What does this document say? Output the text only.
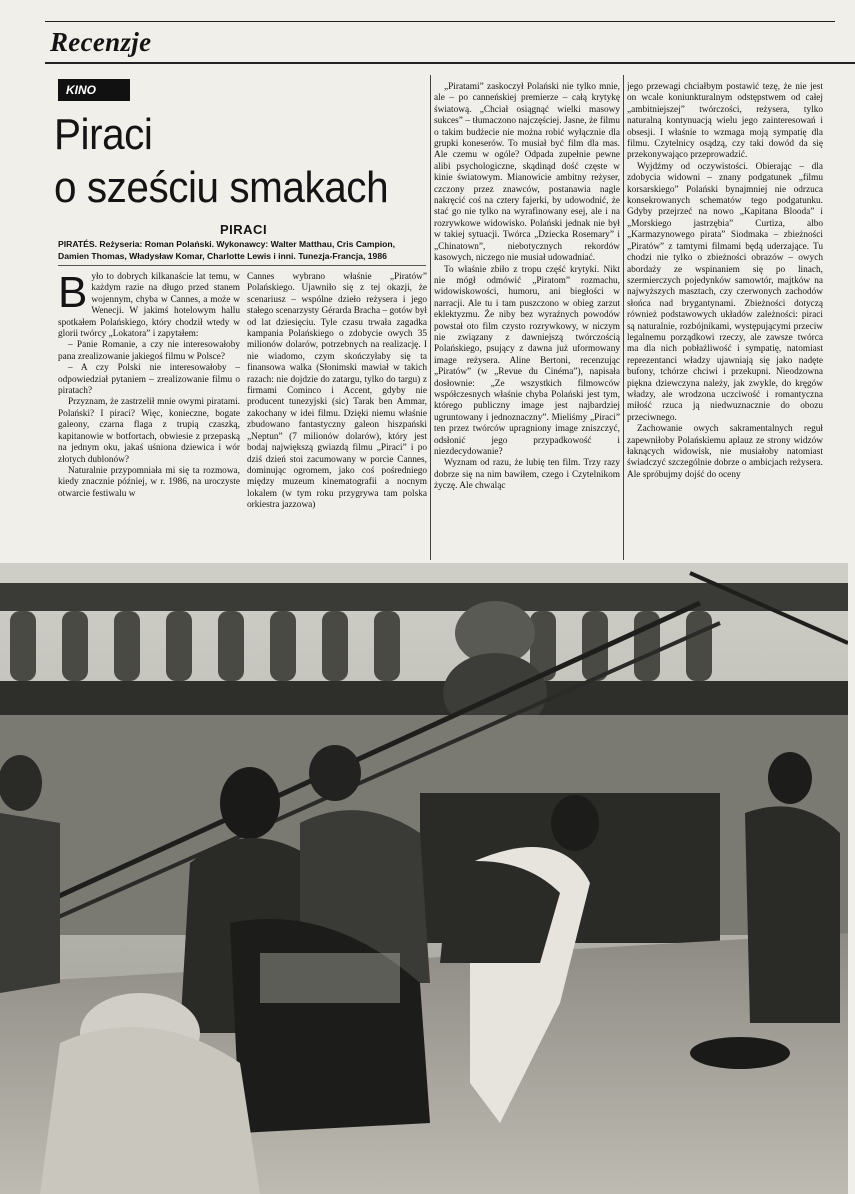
Recenzje
KINO
Piraci
o sześciu smakach
PIRACI
PIRATÉS. Reżyseria: Roman Polański. Wykonawcy: Walter Matthau, Cris Campion, Damien Thomas, Władysław Komar, Charlotte Lewis i inni. Tunezja-Francja, 1986

Było to dobrych kilkanaście lat temu, w każdym razie na długo przed stanem wojennym, chyba w Cannes, a może w Wenecji. W jakimś hotelowym hallu spotkałem Polańskiego, który chodził wtedy w glorii twórcy „Lokatora” i zapytałem:

– Panie Romanie, a czy nie interesowałoby pana zrealizowanie jakiegoś filmu w Polsce?

– A czy Polski nie interesowałoby – odpowiedział pytaniem – zrealizowanie filmu o piratach?

Przyznam, że zastrzelił mnie owymi piratami. Polański? I piraci? Więc, konieczne, bogate galeony, czarna flaga z trupią czaszką, kapitanowie w botfortach, obwiesie z przepaską na jednym oku, jakaś uśniona dziewica i wór złotych dublonów?

Naturalnie przypomniała mi się ta rozmowa, kiedy znacznie później, w r. 1986, na uroczyste otwarcie festiwalu w

Cannes wybrano właśnie „Piratów” Polańskiego. Ujawniło się z tej okazji, że scenariusz – wspólne dzieło reżysera i jego stałego scenarzysty Gérarda Bracha – gotów był od lat dziesięciu. Tyle czasu trwała zagadka kampania Polańskiego o zdobycie owych 35 milionów dolarów, potrzebnych na realizację. I nie wiadomo, czym skończyłaby się ta finansowa walka (Słonimski mawiał w takich razach: nie dojdzie do zatargu, tylko do targu) z firmami Cominco i Accent, gdyby nie producent tunezyjski (sic) Tarak ben Ammar, zakochany w idei filmu. Dzięki niemu właśnie zbudowano fantastyczny galeon hiszpański „Neptun” (7 milionów dolarów), który jest bodaj największą gwiazdą filmu „Piraci” i po dziś dzień stoi zacumowany w porcie Cannes, dominując ogromem, jako coś pośredniego między muzeum kinematografii a nocnym lokalem (w tym roku przygrywa tam polska orkiestra jazzowa)

„Piratami” zaskoczył Polański nie tylko mnie, ale – po canneńskiej premierze – całą krytykę światową. „Chciał osiągnąć wielki masowy sukces” – tłumaczono najczęściej. Jasne, że filmu o takim budżecie nie można robić wyłącznie dla grupki koneserów. To musiał być film dla mas. Ale czemu w ogóle? Odpada zupełnie pewne alibi psychologiczne, skądinąd dość częste w kinie światowym. Mianowicie ambitny reżyser, czczony przez znawców, postanawia nagle nakręcić coś na cztery fajerki, by udowodnić, że stać go nie tylko na wyrafinowany esej, ale i na rozrywkowe widowisko. Polański jednak nie był w takiej sytuacji. Twórca „Dziecka Rosemary” i „Chinatown”, niebotycznych rekordów kasowych, niczego nie musiał udowadniać.

To właśnie zbiło z tropu część krytyki. Nikt nie mógł odmówić „Piratom” rozmachu, widowiskowości, humoru, ani biegłości w narracji. Ale tu i tam puszczono w obieg zarzut eklektyzmu. Że niby bez wyraźnych powodów powstał oto film czysto rozrywkowy, w niczym nie związany z dawniejszą twórczością Polańskiego, psujący z dawna już uformowany image reżysera. Aline Bertoni, recenzując „Piratów” (w „Revue du Cinéma”), napisała dosłownie: „Ze wszystkich filmowców współczesnych właśnie chyba Polański jest tym, którego publiczny image jest najbardziej ugruntowany i jednoznaczny”. Mieliśmy „Piraci” ten przez twórców upragniony image zniszczyć, odsłonić jego przypadkowość i niezdecydowanie?

Wyznam od razu, że lubię ten film. Trzy razy dobrze się na nim bawiłem, czego i Czytelnikom życzę. Ale chwaląc

jego przewagi chciałbym postawić tezę, że nie jest on wcale koniunkturalnym odstępstwem od całej „ambitniejszej” twórczości, reżysera, tylko naturalną kontynuacją wielu jego zainteresowań i obsesji. I właśnie to wzmaga moją sympatię dla filmu. Czytelnicy osądzą, czy taki dowód da się przekonywająco przeprowadzić.

Wyjdźmy od oczywistości. Obierając – dla zdobycia widowni – znany podgatunek „filmu korsarskiego” Polański bynajmniej nie odrzuca konsekrowanych schematów tego podgatunku. Gdyby przejrzeć na nowo „Kapitana Blooda” i „Morskiego jastrzębia” Curtiza, albo „Karmazynowego pirata” Siodmaka – zbieżności „Piratów” z tamtymi filmami będą uderzające. Tu chodzi nie tylko o zbieżności obrazów – owych abordaży ze wspinaniem się po linach, szermierczych pojedynków samowtór, majtków na najwyższych masztach, czy czerwonych zachodów słońca nad brygantynami. Zbieżności dotyczą również podstawowych układów zależności: piraci są naturalnie, rozbójnikami, występującymi przeciw legalnemu porządkowi rzeczy, ale zawsze twórca ma dla nich pobłażliwość i sympatię, natomiast reprezentanci władzy ujawniają się jako nadęte bufony, tchórze chciwi i przekupni. Nieodzowna piękna dziewczyna należy, jak zwykle, do kręgów władzy, ale wrodzona uczciwość i romantyczna miłość rzuca ją niedwuznacznie do obozu przeciwnego.

Zachowanie owych sakramentalnych reguł zapewniłoby Polańskiemu aplauz ze strony widzów łaknących widowisk, nie musiałoby natomiast świadczyć szczególnie dobrze o ambicjach reżysera. Ale spróbujmy dojść do oceny
